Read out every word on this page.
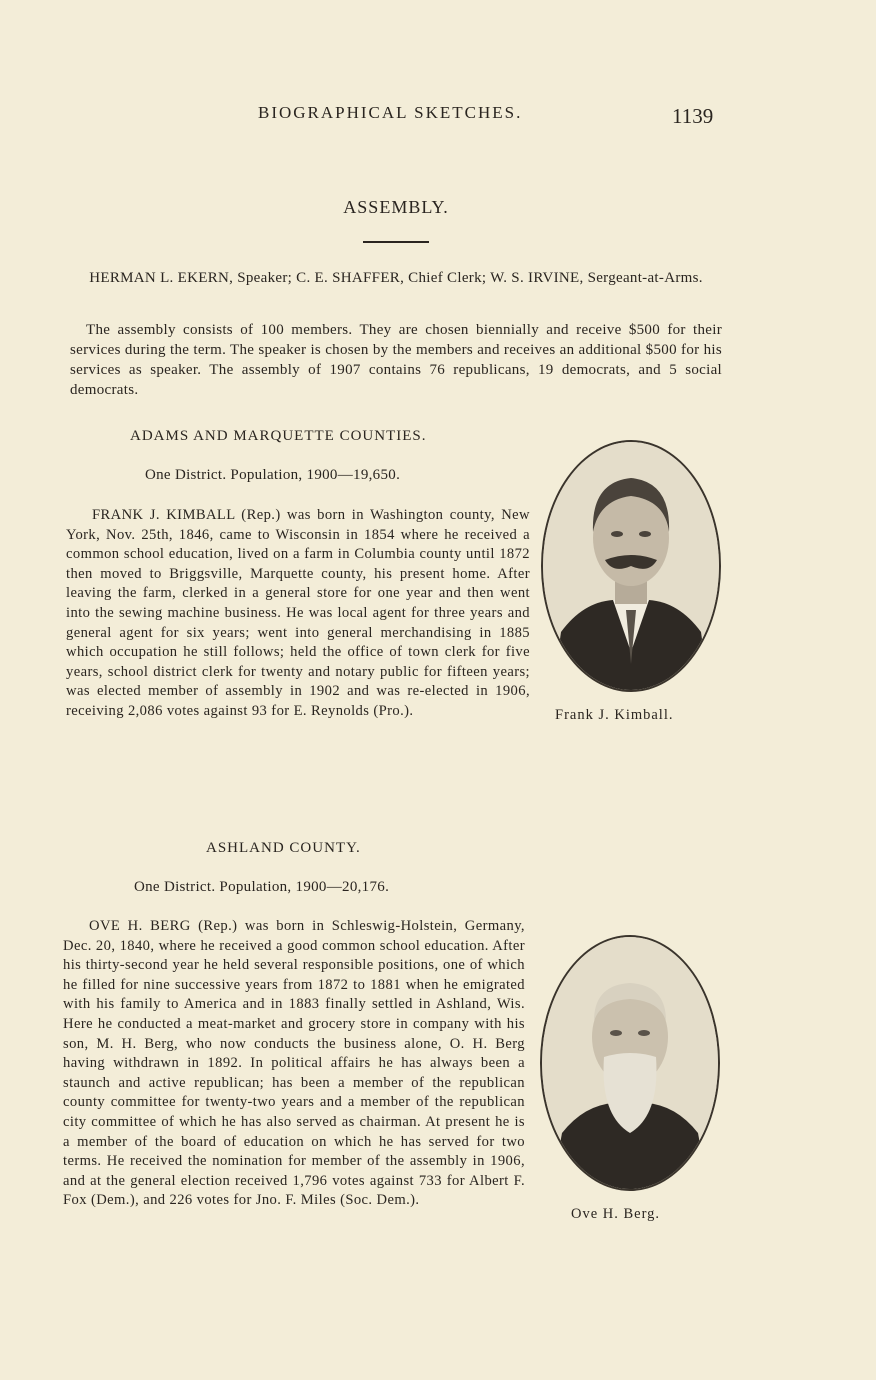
BIOGRAPHICAL SKETCHES.	1139
ASSEMBLY.
HERMAN L. EKERN, Speaker; C. E. SHAFFER, Chief Clerk; W. S. IRVINE, Sergeant-at-Arms.
The assembly consists of 100 members. They are chosen biennially and receive $500 for their services during the term. The speaker is chosen by the members and receives an additional $500 for his services as speaker. The assembly of 1907 contains 76 republicans, 19 democrats, and 5 social democrats.
ADAMS AND MARQUETTE COUNTIES.
One District. Population, 1900—19,650.
FRANK J. KIMBALL (Rep.) was born in Washington county, New York, Nov. 25th, 1846, came to Wisconsin in 1854 where he received a common school education, lived on a farm in Columbia county until 1872 then moved to Briggsville, Marquette county, his present home. After leaving the farm, clerked in a general store for one year and then went into the sewing machine business. He was local agent for three years and general agent for six years; went into general merchandising in 1885 which occupation he still follows; held the office of town clerk for five years, school district clerk for twenty and notary public for fifteen years; was elected member of assembly in 1902 and was re-elected in 1906, receiving 2,086 votes against 93 for E. Reynolds (Pro.).	Frank J. Kimball.
ASHLAND COUNTY.
One District. Population, 1900—20,176.
OVE H. BERG (Rep.) was born in Schleswig-Holstein, Germany, Dec. 20, 1840, where he received a good common school education. After his thirty-second year he held several responsible positions, one of which he filled for nine successive years from 1872 to 1881 when he emigrated with his family to America and in 1883 finally settled in Ashland, Wis. Here he conducted a meat-market and grocery store in company with his son, M. H. Berg, who now conducts the business alone, O. H. Berg having withdrawn in 1892. In political affairs he has always been a staunch and active republican; has been a member of the republican county committee for twenty-two years and a member of the republican city committee of which he has also served as chairman. At present he is a member of the board of education on which he has served for two terms. He received the nomination for member of the assembly in 1906, and at the general election received 1,796 votes against 733 for Albert F. Fox (Dem.), and 226 votes for Jno. F. Miles (Soc. Dem.).
Ove H. Berg.
